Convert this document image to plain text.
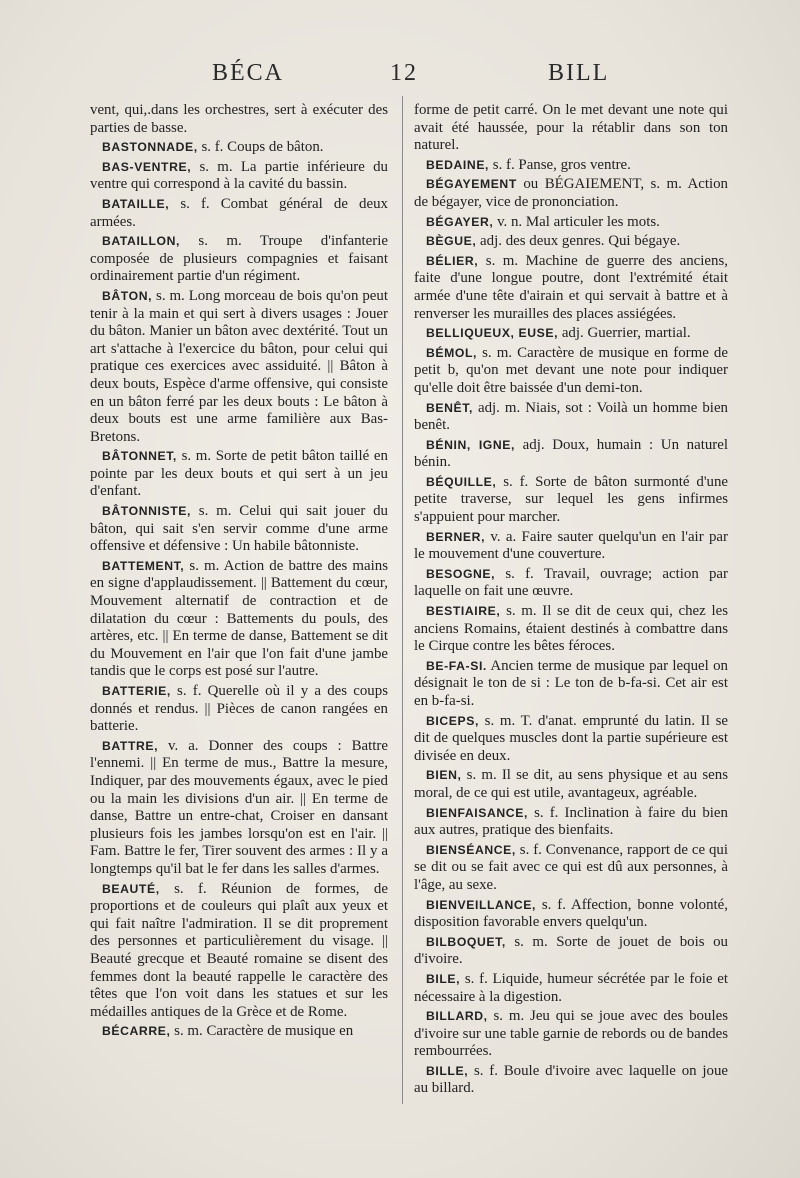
BÉCA	12	BILL

vent, qui,.dans les orchestres, sert à exécuter des parties de basse.

BASTONNADE, s. f. Coups de bâton.

BAS-VENTRE, s. m. La partie inférieure du ventre qui correspond à la cavité du bassin.

BATAILLE, s. f. Combat général de deux armées.

BATAILLON, s. m. Troupe d'infanterie composée de plusieurs compagnies et faisant ordinairement partie d'un régiment.

BÂTON, s. m. Long morceau de bois qu'on peut tenir à la main et qui sert à divers usages : Jouer du bâton. Manier un bâton avec dextérité. Tout un art s'attache à l'exercice du bâton, pour celui qui pratique ces exercices avec assiduité. || Bâton à deux bouts, Espèce d'arme offensive, qui consiste en un bâton ferré par les deux bouts : Le bâton à deux bouts est une arme familière aux Bas-Bretons.

BÂTONNET, s. m. Sorte de petit bâton taillé en pointe par les deux bouts et qui sert à un jeu d'enfant.

BÂTONNISTE, s. m. Celui qui sait jouer du bâton, qui sait s'en servir comme d'une arme offensive et défensive : Un habile bâtonniste.

BATTEMENT, s. m. Action de battre des mains en signe d'applaudissement. || Battement du cœur, Mouvement alternatif de contraction et de dilatation du cœur : Battements du pouls, des artères, etc. || En terme de danse, Battement se dit du Mouvement en l'air que l'on fait d'une jambe tandis que le corps est posé sur l'autre.

BATTERIE, s. f. Querelle où il y a des coups donnés et rendus. || Pièces de canon rangées en batterie.

BATTRE, v. a. Donner des coups : Battre l'ennemi. || En terme de mus., Battre la mesure, Indiquer, par des mouvements égaux, avec le pied ou la main les divisions d'un air. || En terme de danse, Battre un entre-chat, Croiser en dansant plusieurs fois les jambes lorsqu'on est en l'air. || Fam. Battre le fer, Tirer souvent des armes : Il y a longtemps qu'il bat le fer dans les salles d'armes.

BEAUTÉ, s. f. Réunion de formes, de proportions et de couleurs qui plaît aux yeux et qui fait naître l'admiration. Il se dit proprement des personnes et particulièrement du visage. || Beauté grecque et Beauté romaine se disent des femmes dont la beauté rappelle le caractère des têtes que l'on voit dans les statues et sur les médailles antiques de la Grèce et de Rome.

BÉCARRE, s. m. Caractère de musique en

forme de petit carré. On le met devant une note qui avait été haussée, pour la rétablir dans son ton naturel.

BEDAINE, s. f. Panse, gros ventre.

BÉGAYEMENT ou BÉGAIEMENT, s. m. Action de bégayer, vice de prononciation.

BÉGAYER, v. n. Mal articuler les mots.

BÈGUE, adj. des deux genres. Qui bégaye.

BÉLIER, s. m. Machine de guerre des anciens, faite d'une longue poutre, dont l'extrémité était armée d'une tête d'airain et qui servait à battre et à renverser les murailles des places assiégées.

BELLIQUEUX, EUSE, adj. Guerrier, martial.

BÉMOL, s. m. Caractère de musique en forme de petit b, qu'on met devant une note pour indiquer qu'elle doit être baissée d'un demi-ton.

BENÊT, adj. m. Niais, sot : Voilà un homme bien benêt.

BÉNIN, IGNE, adj. Doux, humain : Un naturel bénin.

BÉQUILLE, s. f. Sorte de bâton surmonté d'une petite traverse, sur lequel les gens infirmes s'appuient pour marcher.

BERNER, v. a. Faire sauter quelqu'un en l'air par le mouvement d'une couverture.

BESOGNE, s. f. Travail, ouvrage; action par laquelle on fait une œuvre.

BESTIAIRE, s. m. Il se dit de ceux qui, chez les anciens Romains, étaient destinés à combattre dans le Cirque contre les bêtes féroces.

BE-FA-SI. Ancien terme de musique par lequel on désignait le ton de si : Le ton de b-fa-si. Cet air est en b-fa-si.

BICEPS, s. m. T. d'anat. emprunté du latin. Il se dit de quelques muscles dont la partie supérieure est divisée en deux.

BIEN, s. m. Il se dit, au sens physique et au sens moral, de ce qui est utile, avantageux, agréable.

BIENFAISANCE, s. f. Inclination à faire du bien aux autres, pratique des bienfaits.

BIENSÉANCE, s. f. Convenance, rapport de ce qui se dit ou se fait avec ce qui est dû aux personnes, à l'âge, au sexe.

BIENVEILLANCE, s. f. Affection, bonne volonté, disposition favorable envers quelqu'un.

BILBOQUET, s. m. Sorte de jouet de bois ou d'ivoire.

BILE, s. f. Liquide, humeur sécrétée par le foie et nécessaire à la digestion.

BILLARD, s. m. Jeu qui se joue avec des boules d'ivoire sur une table garnie de rebords ou de bandes rembourrées.

BILLE, s. f. Boule d'ivoire avec laquelle on joue au billard.
